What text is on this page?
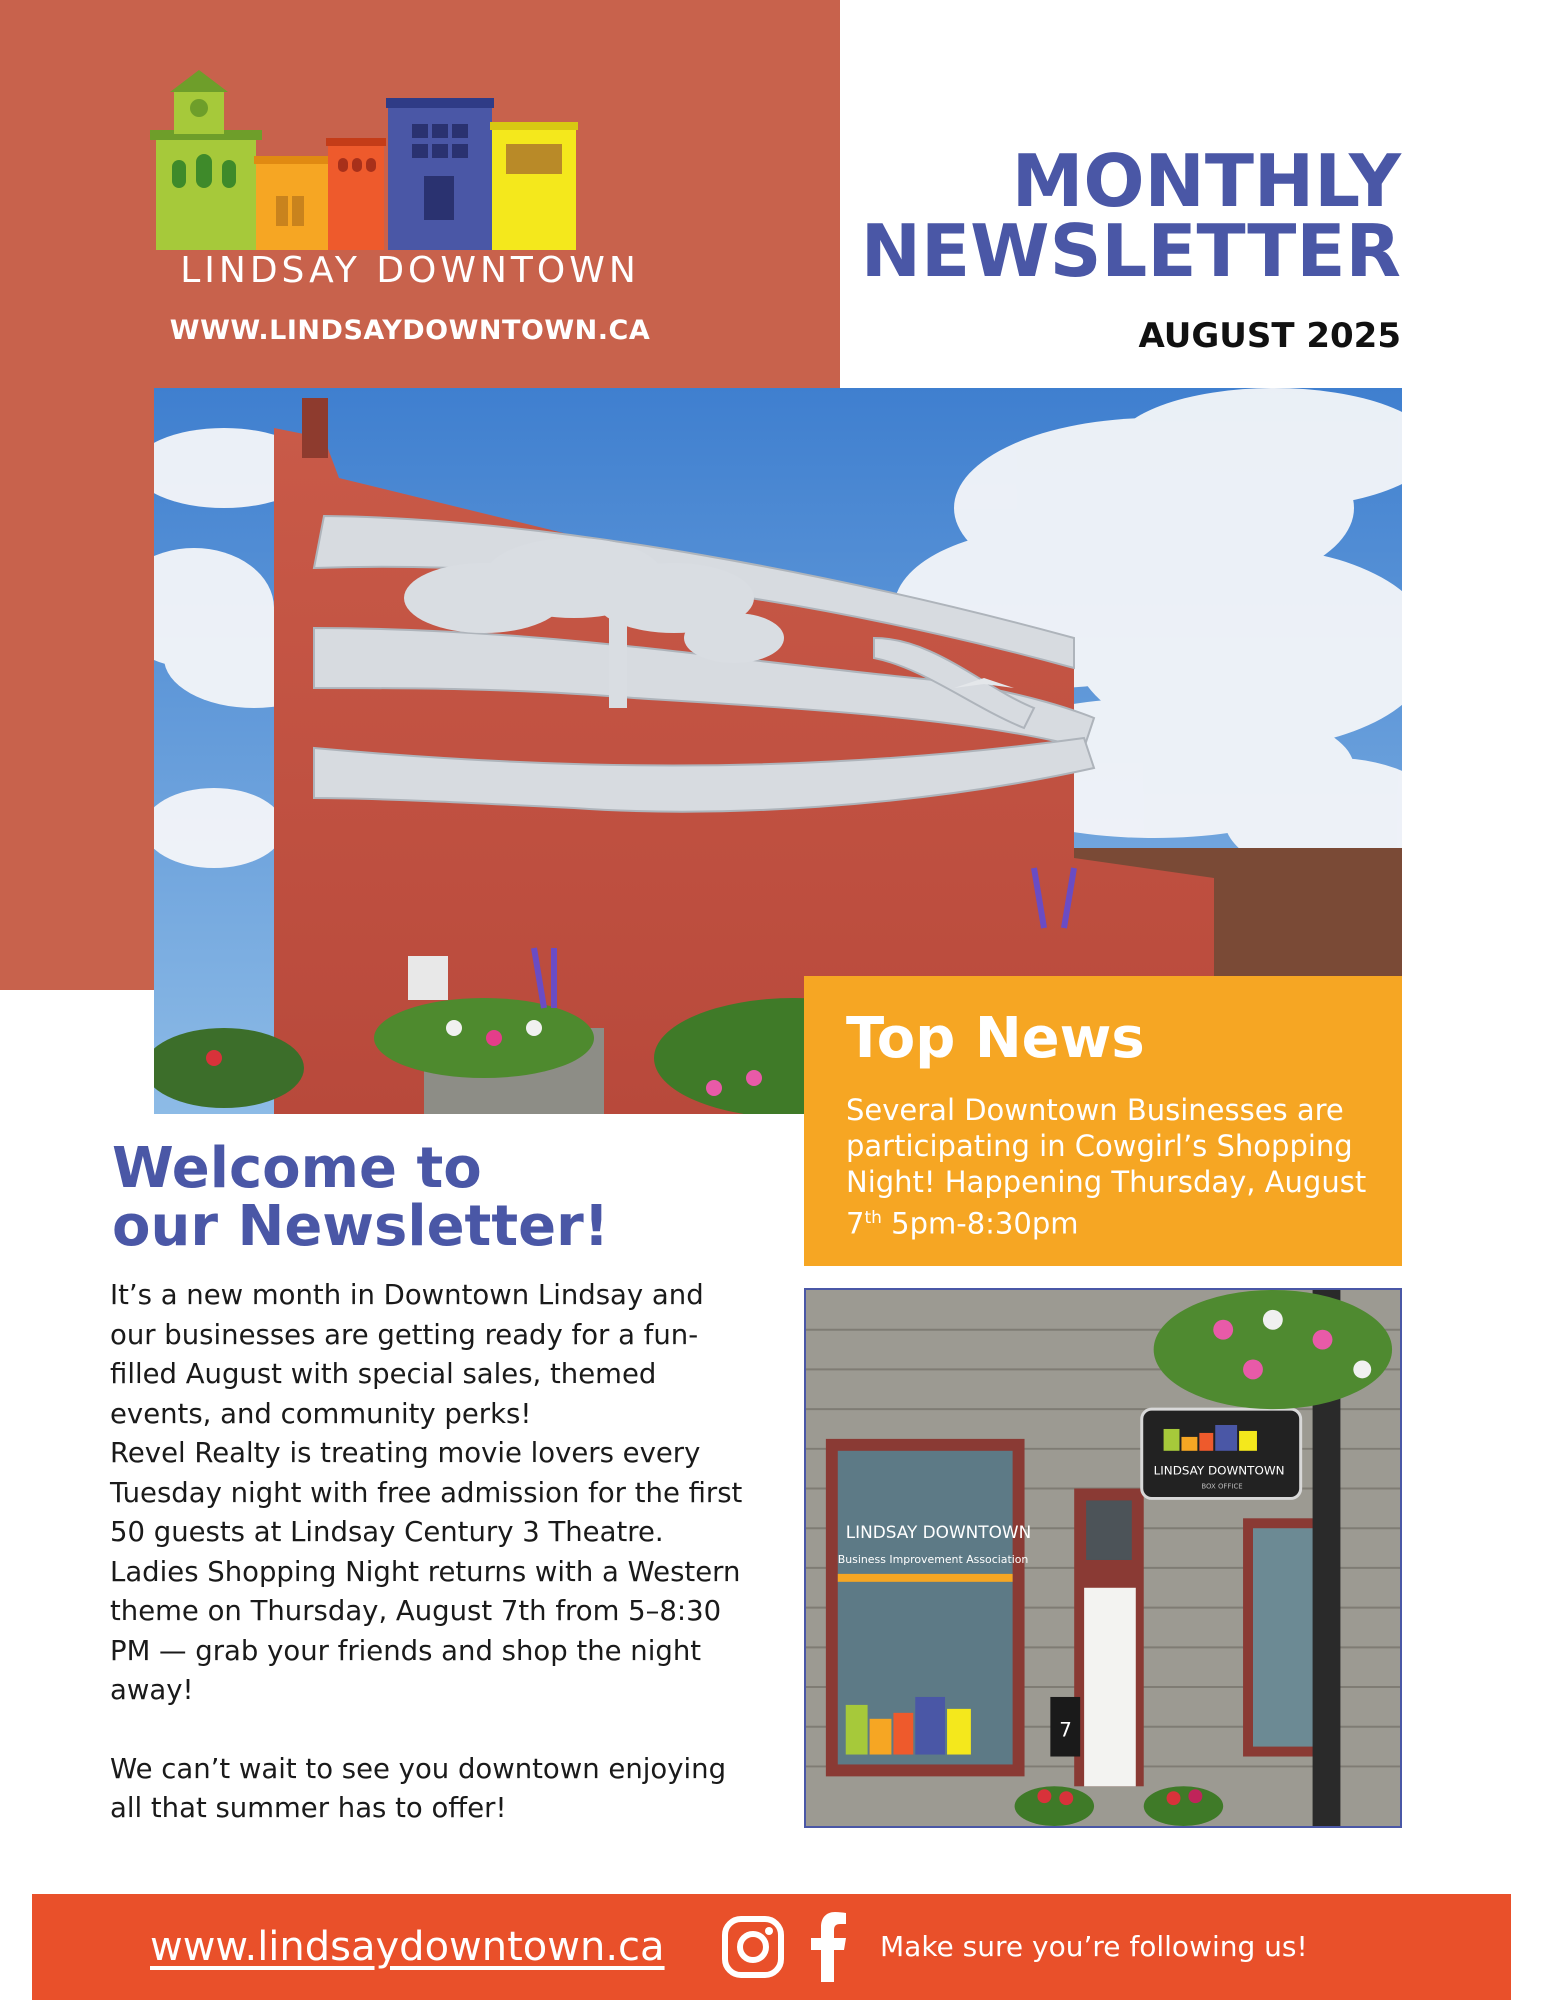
LINDSAY DOWNTOWN
WWW.LINDSAYDOWNTOWN.CA
MONTHLY
NEWSLETTER
AUGUST 2025
Top News

Several Downtown Businesses are participating in Cowgirl’s Shopping Night! Happening Thursday, August 7th 5pm-8:30pm

Welcome to
our Newsletter!

It’s a new month in Downtown Lindsay and our businesses are getting ready for a fun-filled August with special sales, themed events, and community perks!

Revel Realty is treating movie lovers every Tuesday night with free admission for the first 50 guests at Lindsay Century 3 Theatre.

Ladies Shopping Night returns with a Western theme on Thursday, August 7th from 5–8:30 PM — grab your friends and shop the night away!

We can’t wait to see you downtown enjoying all that summer has to offer!

LINDSAY DOWNTOWN
Business Improvement Association
7
LINDSAY DOWNTOWN
BOX OFFICE
www.lindsaydowntown.ca	Make sure you’re following us!
